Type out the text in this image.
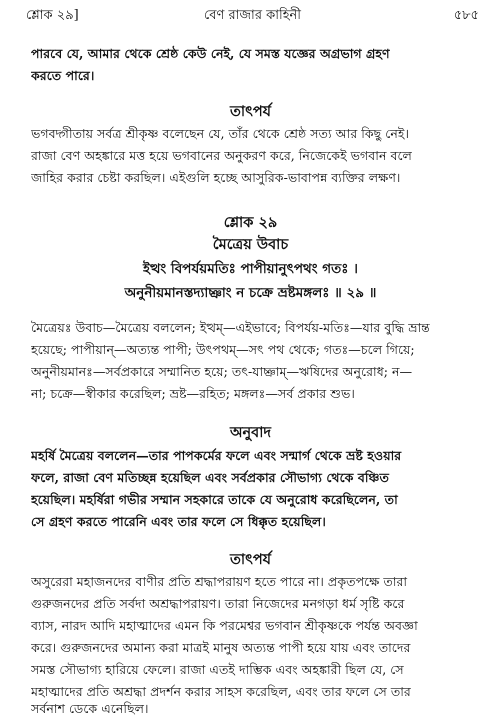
শ্লোক ২৯]	বেণ রাজার কাহিনী	৫৮৫
পারবে যে, আমার থেকে শ্রেষ্ঠ কেউ নেই, যে সমস্ত যজ্ঞের অগ্রভাগ গ্রহণ
করতে পারে।
তাৎপর্য
ভগবদ্গীতায় সর্বত্র শ্রীকৃষ্ণ বলেছেন যে, তাঁর থেকে শ্রেষ্ঠ সত্য আর কিছু নেই।
রাজা বেণ অহঙ্কারে মত্ত হয়ে ভগবানের অনুকরণ করে, নিজেকেই ভগবান বলে
জাহির করার চেষ্টা করছিল। এইগুলি হচ্ছে আসুরিক-ভাবাপন্ন ব্যক্তির লক্ষণ।
শ্লোক ২৯
মৈত্রেয় উবাচ
ইত্থং বিপর্যয়মতিঃ পাপীয়ানুৎপথং গতঃ ।
অনুনীয়মানস্তদ্যাচ্ঞাং ন চক্রে ভ্রষ্টমঙ্গলঃ ॥ ২৯ ॥
মৈত্রেয়ঃ উবাচ—মৈত্রেয় বললেন; ইত্থম্—এইভাবে; বিপর্যয়-মতিঃ—যার বুদ্ধি ভ্রান্ত
হয়েছে; পাপীয়ান্—অত্যন্ত পাপী; উৎপথম্—সৎ পথ থেকে; গতঃ—চলে গিয়ে;
অনুনীয়মানঃ—সর্বপ্রকারে সম্মানিত হয়ে; তৎ-যাচ্ঞাম্—ঋষিদের অনুরোধ; ন—
না; চক্রে—স্বীকার করেছিল; ভ্রষ্ট—রহিত; মঙ্গলঃ—সর্ব প্রকার শুভ।
অনুবাদ
মহর্ষি মৈত্রেয় বললেন—তার পাপকর্মের ফলে এবং সন্মার্গ থেকে ভ্রষ্ট হওয়ার
ফলে, রাজা বেণ মতিচ্ছন্ন হয়েছিল এবং সর্বপ্রকার সৌভাগ্য থেকে বঞ্চিত
হয়েছিল। মহর্ষিরা গভীর সম্মান সহকারে তাকে যে অনুরোধ করেছিলেন, তা
সে গ্রহণ করতে পারেনি এবং তার ফলে সে ধিক্কৃত হয়েছিল।
তাৎপর্য
অসুরেরা মহাজনদের বাণীর প্রতি শ্রদ্ধাপরায়ণ হতে পারে না। প্রকৃতপক্ষে তারা
গুরুজনদের প্রতি সর্বদা অশ্রদ্ধাপরায়ণ। তারা নিজেদের মনগড়া ধর্ম সৃষ্টি করে
ব্যাস, নারদ আদি মহাত্মাদের এমন কি পরমেশ্বর ভগবান শ্রীকৃষ্ণকে পর্যন্ত অবজ্ঞা
করে। গুরুজনদের অমান্য করা মাত্রই মানুষ অত্যন্ত পাপী হয়ে যায় এবং তাদের
সমস্ত সৌভাগ্য হারিয়ে ফেলে। রাজা এতই দাম্ভিক এবং অহঙ্কারী ছিল যে, সে
মহাত্মাদের প্রতি অশ্রদ্ধা প্রদর্শন করার সাহস করেছিল, এবং তার ফলে সে তার
সর্বনাশ ডেকে এনেছিল।
